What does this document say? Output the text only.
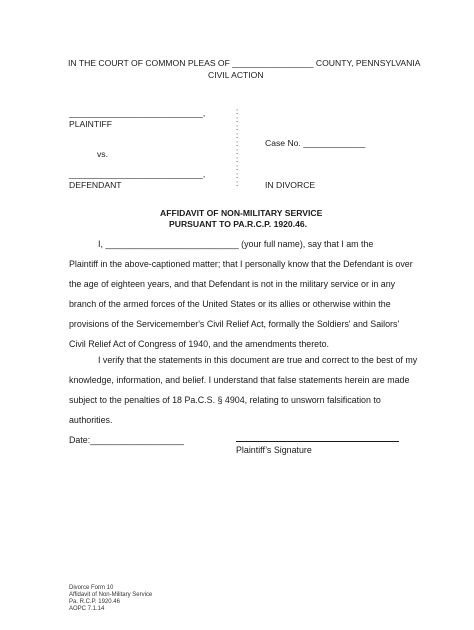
IN THE COURT OF COMMON PLEAS OF _________________ COUNTY, PENNSYLVANIA
CIVIL ACTION
____________________________,
PLAINTIFF
vs.
____________________________,
DEFENDANT
:
:
:
:
:
:
:
:
:
:
Case No. _____________
IN DIVORCE
AFFIDAVIT OF NON-MILITARY SERVICE
PURSUANT TO PA.R.C.P. 1920.46.
I, ___________________________ (your full name), say that I am the
Plaintiff in the above-captioned matter; that I personally know that the Defendant is over
the age of eighteen years, and that Defendant is not in the military service or in any
branch of the armed forces of the United States or its allies or otherwise within the
provisions of the Servicemember's Civil Relief Act, formally the Soldiers' and Sailors'
Civil Relief Act of Congress of 1940, and the amendments thereto.
I verify that the statements in this document are true and correct to the best of my
knowledge, information, and belief. I understand that false statements herein are made
subject to the penalties of 18 Pa.C.S. § 4904, relating to unsworn falsification to
authorities.
Date:___________________
Plaintiff’s Signature
Divorce Form 10
Affidavit of Non-Military Service
Pa. R.C.P. 1920.46
AOPC 7.1.14
